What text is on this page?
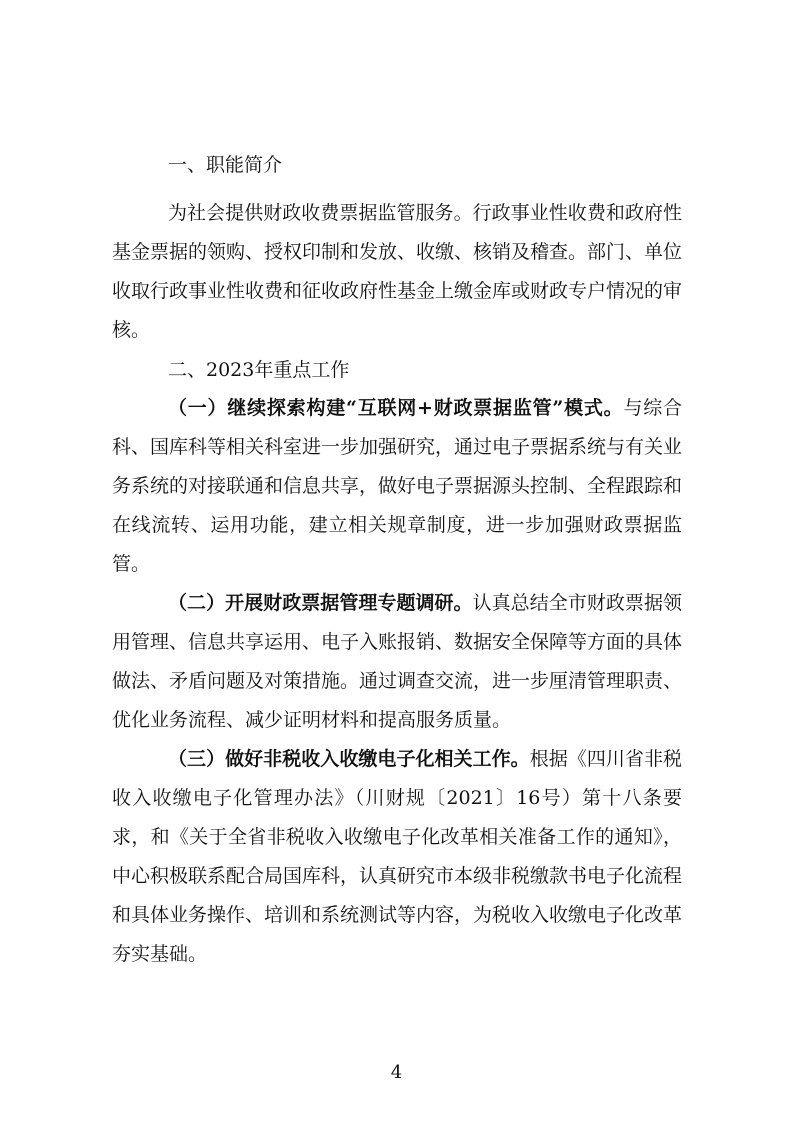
一、职能简介

为社会提供财政收费票据监管服务。行政事业性收费和政府性基金票据的领购、授权印制和发放、收缴、核销及稽查。部门、单位收取行政事业性收费和征收政府性基金上缴金库或财政专户情况的审核。

二、2023年重点工作

（一）继续探索构建“互联网+财政票据监管”模式。与综合科、国库科等相关科室进一步加强研究，通过电子票据系统与有关业务系统的对接联通和信息共享，做好电子票据源头控制、全程跟踪和在线流转、运用功能，建立相关规章制度，进一步加强财政票据监管。

（二）开展财政票据管理专题调研。认真总结全市财政票据领用管理、信息共享运用、电子入账报销、数据安全保障等方面的具体做法、矛盾问题及对策措施。通过调查交流，进一步厘清管理职责、优化业务流程、减少证明材料和提高服务质量。

（三）做好非税收入收缴电子化相关工作。根据《四川省非税收入收缴电子化管理办法》（川财规〔2021〕16号）第十八条要求，和《关于全省非税收入收缴电子化改革相关准备工作的通知》，中心积极联系配合局国库科，认真研究市本级非税缴款书电子化流程和具体业务操作、培训和系统测试等内容，为税收入收缴电子化改革夯实基础。

4
